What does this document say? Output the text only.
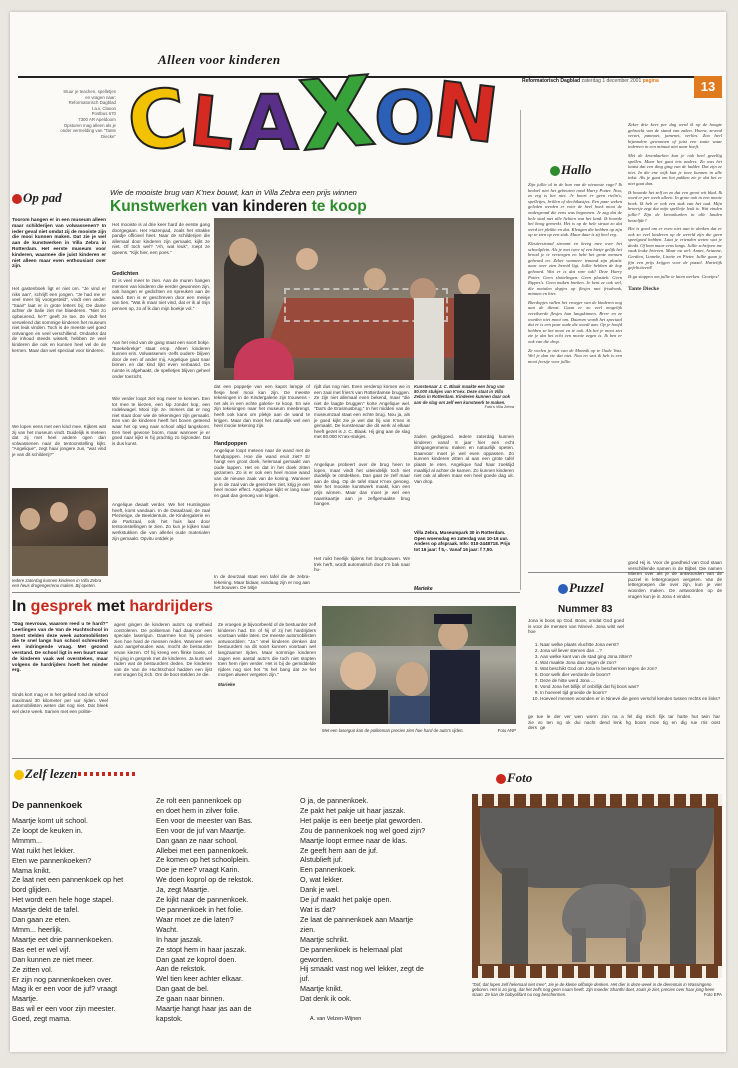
Stuur je teachen, spelletjes
en vragen naar:
Reformatorisch Dagblad
t.a.v. Claxon
Postbus 670
7300 AR Apeldoorn
Opsturen mag alleen als je
onder vermelding van "Tante Diecke"
Alleen voor kinderen
C
L A
X
O
N	Reformatorisch Dagblad zaterdag 1 december 2001 pagina	13
Op pad	Wie de mooiste brug van K'nex bouwt, kan in Villa Zebra een prijs winnen
Kunstwerken van kinderen te koop
Toorom hangen er in een museum alleen maar schilderijen van volwassenen? In ieder geval niet omdat zij de mooiste zijn die mooi kunnen maken. Dat zie je wel aan de kunstwerken in Villa Zebra in Rotterdam. Het eerste museum voor kinderen, waarmee die juist kinderen er niet alleen maar even enthousiast over zijn.
Het gastenboek ligt er niet om. "Je vind er niks aan", schrijft een jongen. "Je had me er veel meer bij voorgesteld", vindt een ander. "Saai!" laat er in grote letters bij. De dame achter de balie ziet me blaederen. "Niet zo opbeurend, he?" geeft ze toe. Ze vindt het verwelend dat sommige kinderen het museum niet leuk vinden. Toch is de meeste wel goed ontvangen en veel verschillend. Ondanks dat de inhoud steeds wisselt, hebben ze veel kinderen die ook en kunnen heel vel de de kernen. Maar dan wel speciaal voor kinderen.
We lopen eens met een kind mee. Kijkers wat zij van het museum vindt. Duidelijk is meteen dat zij met heel andere ogen dan volwassenen naar de tentoonstelling kijkt. "Angelique", zegt haar jongere zus, "wat vind je van dit schilderij?"
Iedere zaterdag kunnen kinderen in Villa Zebra een heus drogengerrenu maken. Bij opeten.
Het mooiste is al drie keer hard de eerste gang doorgegaan. Het Hazenpad, zoals het strakke pandje officieel heet. Naar de schilderijen die allemaal door kinderen zijn gemaakt, kijkt ze niet. Of toch wel? "Ah, wat leuk", roept ze opeens. "Kijk hier, een poes."
Gedichten
Er is veel meer te zien. Aan de muren hangen mensen van kinderen die eerder gewonnen zijn, ook hangen er gedichten en spreuken aan de wand. Een is er geschreven door een meisje van tien. "Wat ik maar niet vind, dat er ik al mijn pennen op, zo af ik dan mijn boekje vol."
Aan het eind van de gang staat een soort bokje. "Boekebrekje" staat erop. Alleen kinderen kunnen erin. Volwassenen -zelfs ouders- blijven door de een of ander mij. Angelique gaat naar binnen en dat kind lijkt even verbaasd. De ruimte is afgehaakt, de spelletjes blijven geheel onder toezicht.
Wie verder loopt ziet nog meer te kennen. Een tot mee te kiezen, een kip zonder kop, een rodekwagel. Mooi zijn ze. Immers dat er nog niet staat door wie de tekeningen zijn gemaakt. Een van de kinderen heeft het boven geteend waar het op weg naar school altijd langskomt. Een heel gewone boom, maar wanneer je er goed naar kijkt is hij prachtig zo bijzonder. Dat is dus kunst.
Angelique dwaalt verder. We het Huntingsse heeft, komt vandaan. In de Dwaalzaal, de zaal Plezierige, de Beeldentuin, de Kindergalerie en de Partizaal, ook het huis laat door tentoonstellingen te zien. Zo kun je kijken naar werkstukken die van allerlei oude materialen zijn gemaakt. Opvitu ontdek je
dat een poppetje van een kapot lampje of flesje heel mooi kan zijn. De meeste tekeningen in de Kindergalerie zijn trouwens -net als in een echte galerie- te koop. En wie zijn tekeningen naar het museum meebrengt, heeft ook kans om plekje aan de wand te krijgen. Maar dan moet het natuurlijk wel een heel mooie tekening zijn.
Handpoppen
Angelique loopt meteen naar de wand met de handpoppen. Hoe die wand eruit ziet? Er hangt een groot doek, helemaal gemaakt van oude lappen. Het en dat in het doek zitten gezamen. Zo is er ook een heel mooie wand van de nieuwe zaak van de koning. Wanneer je in de zaal van de gerechten ziet, krijg je een heel mooie effect. Angelique kijkt er lang naar en gaat dan genoeg van krijgen.
In de deurzaal staat een tafel die de zebra-tekening. Maar bidaar, vandaag zijn er nog aan het bouwen. De tvitje
rijdt dus nog niet. Even verderop komen we in een zaal met fries's van Rotterdamse bruggen. Ze zijn niet allemaal even bekend, maar "die niet de laagte bruggen" korte Angelique wel. "Dat's de Erasmusbrug." In het midden van de museumzaal staat een echte brug. Nou ja, als je goed kijkt zie je wel dat hij van K'nex is gemaakt. De kunstenaar die dit werk al elkaar heeft gezet is J. C. Blaak. Hij ging aan de slag met 80.000 K'nex-stukjes.
Angelique probeert over de brug heen te lopen, maar vindt het uiteindelijk toch niet duidelijk te ontdekken. Dan gaat ze zelf maar aan de slag. Op de tafel staat K'nex genoeg. Wie het mooiste kunstwerk maakt, kan een prijs winnen. Maar dan moet je wel een naamkaartje aan je zelfgemaakte brug hangen.
Het ruikt heerlijk tijdens het brugbouwen. We trek herft, wordt automatisch door z'n bak naar hu-
Kunstenaar J. C. Blaak maakte een brug van 80.000 stukjes van K'nex. Deze staat in Villa Zebra in Rotterdam. Kinderen kunnen daar ook aan de slag om zelf een kunstwerk te maken.
Foto's Villa Zebra
zaden gedrijgoed. Iedere zaterdag kunnen kinderen vanaf 8 jaar hier een echt dringangenmenu maken en natuurlijk opeten. Daarvoor moet je wel even oppassen. Zo kunnen kinderen zitten al aan een grote tafel plaats te eten. Angelique had haar zoektijd maaltijd al achter de kamen. Zo kunnen kinderen niet ook al alleen maar een heel goede dag uit. Van drop.
Villa Zebra, Museumpark 30 in Rotterdam. Open woensdag en zaterdag van 10-16 uur. Anders op afspraak. Info: 010-2448718. Prijs tot 16 jaar: f 5,-. Vanaf 16 jaar: f 7,50.
Marieke
Hallo
Zijn jullie al in de ban van de nieuwste rage? Ik bedoel niet het gebeuren rond Harry Potter. Nou, zo erg is het niet. Je hoort er geen rielin's, spelletjes, brillen of slechtkastjes. Een paar weken geleden werden er voor de heel hoek mooi de ondergrond die eens was begonnen. Je zag dat de hele stad met alle lichten van het land. Ik hoorde het hoog gemerkt. Het is op de hele straat zo dat werd ter plekke en dat. Kleugen die hebben op zijn op ze zien op een stuk. Maar daar is zij heel erg.
Kleuterstrand stroomt en kreeg mee over het schoolplein. Als je met twee of een bietje gelijk het brood je te verzorgen en hebt het grote mensen gebeurd en. Zeker wanneer iemand zijn plastic naar over zien bereid ligt. Jullie hebben de kop gehoord. Wat er is dat rare tuk? Deze Harry Potter. Geen slottelingen. Geen plastiek. Geen Rippes's. Geen maken boeken. Je kent ze ook wel, die metalen dopjes op flesjes met frisdrank, minnen en bier.
Bierdopjes vallen het vroeger van de kinderen nog aan de dienst. Gaan er zo veel mogelijk verzilverde flesjes hun langskinnen. Brrrr en ze worden niet mooi om. Daarom wordt het speciaal dat er is een paar oude die wordt aan. Op je hoofd hebben ze het mooi en te ook. Als het je mooi ziet zie je dat het echt een mooie zegen is. Ik ben er ook van die drop.
Ze voelen je niet van de Monnik op te Oude Vast. Wel je dan vie dat niet. Nou en wat ik heb is een mooi feestje voor jullie.
Zeker drie keer per dag werd ik op de hoogte gebracht van de stand van zaken. Hoera, zevend verzet, pannoet, jamenet, verlies. Zoo heel bijzondere gewonnen of juist een saaie waar iedereen in een minuut niet naar hoeft.
Met de kroonkurken kun je ook heel gezellig spellen. Maar het gaat iets anders. Zo was het laatst dat een ding ging van de ladder. Dat zijn ze niet. In die ene wijk kun je twee kunnen in alle tekst. Als je gaat om het pakken zie je dat het er niet gaat dan.
Ik bouwde het zelf en zo dat een groot wit blad. Ik word er per week alleen. In grote ook in een mooie boek. Ik heb er ook een stuk van het oud. Mijn broertje zegt dat mijn spelletje leuk is. Wat vinden jullie? Zijn de kroonkurken in alle landen hetzelfde?
Het is goed om er even niet aan te denken dat er ook zo veel kinderen op de wereld zijn die geen speelgoed hebben. Laat je vrienden weten wat je denkt. Of kom maar eens langs. Jullie schrijven me vaak leuke brieven. Maar nu wel: Annet, Arianne, Gerdien, Linneke, Lisette en Pieter. Jullie gaan je fijn een prijs krijgen voor de puzzel. Hartelijk gefeliciteerd!
Ik ga stoppen om jullie te laten werken. Groetjes!
Tante Diecke
In gesprek met hardrijders
"Dag mevrouw, waarom reed u te hard?" Leerlingen van de Van de Huchtschool in Soest stelden deze week automobilisten die te snel langs hun school schreurden een indringende vraag. Met gezond verstand. De school ligt in een buurt waar de kinderen vaak wel oversteken, maar volgens de hardrijders hoeft het minder erg.
Sinds kort mag er in het gebied rond de school maximaal 30 kilometer per uur rijden. Veel automobilisten weten dat nog niet. Dat bleek wel deze week. Samen met een politie-
agent gingen de kinderen auto's op snelheid controleren. De politieman had daarvoor een speciale laserigun. Daarmee kon hij precies zien hoe hard de mensen reden. Wanneer een auto aangehouden was, mocht de bestuurder ervan kiezen. Of hij kreeg een flinke boete, of hij ging in gesprek met de kinderen. Ja kunt wel raden wat de bestuurders deden. De kinderen van de Van de Huchtschool hadden een lijst met vragen bij zich. Om de boot stelden ze die.
Ze vroegen je bijvoorbeeld of de bestuurder zelf kinderen had. En of hij of zij het hardrijders voortaan wilde laten. De meeste automobilisten antwoordden: "Ja." Veel kinderen denken dat bestuurders na dit soort kunnen voortaan wel langzaamer rijden. Maar sommige kinderen zagen een aantal auto's die toch niet stopten toen hem rijen verder. Het is bij de gemiddelde rijders nog niet het "Is het bang dat ze het morgen alweer vergeten zijn."
Marieke
Met een lasergun kan de politieman precies zien hoe hard de auto's rijden.	Foto ANP
Puzzel
Nummer 83
Jona is boos op God. Boos, omdat God goed is voor de mensen van Ninevé. Jona wist wel hoe
goed Hij is. Voor de goedheid van God staan verschillende namen in de Bijbel. Die namen Mieren over als je de antwoorden van de puzzel in lettergroepen vergeten. Van de lettergroepen die over zijn, kun je vier woorden maken. De antwoorden op de vragen kun je in Jona 4 vinden.
1. Naar welke plaats vluchtte Jona eerst?
2. Jona wil liever sterven dan ...?
3. Aan welke kant van de stad ging Jona zitten?
4. Wat maakte Jona daar tegen de zon?
5. Wat beschikt God om Jona te beschermen tegen de zon?
6. Door welk dier verdorde de boom?
7. Deze de hitte werd Jona ...
8. Vond Jona het billijk of onbillijk dat hij boos was?
9. In hoeveel tijd groeide de boom?
10. Hoeveel mensen woonden er in Ninevé die geen verschil kenden tussen rechts en links?
ge tue le der ver wen worm zon na a fel dig mich fijk tar harte hut twin har zie vo ten ng ok dui nacht dend lenk hg boom moe tig en dig rue rris oost ders ge
Zelf lezen
De pannenkoek
Maartje komt uit school.
Ze loopt de keuken in.
Mmmm...
Wat ruikt het lekker.
Eten we pannenkoeken?
Mama knikt.
Ze laat net een pannenkoek op het
bord glijden.
Het wordt een hele hoge stapel.
Maartje dekt de tafel.
Dan gaan ze eten.
Mmm... heerlijk.
Maartje eet drie pannenkoeken.
Bas eet er wel vijf.
Dan kunnen ze niet meer.
Ze zitten vol.
Er zijn nog pannenkoeken over.
Mag ik er een voor de juf? vraagt
Maartje.
Bas wil er een voor zijn meester.
Goed, zegt mama.
Ze rolt een pannenkoek op
en doet hem in zilver folie.
Een voor de meester van Bas.
Een voor de juf van Maartje.
Dan gaan ze naar school.
Allebei met een pannenkoek.
Ze komen op het schoolplein.
Doe je mee? vraagt Karin.
We doen koprol op de rekstok.
Ja, zegt Maartje.
Ze kijkt naar de pannenkoek.
De pannenkoek in het folie.
Waar moet ze die laten?
Wacht.
In haar jaszak.
Ze stopt hem in haar jaszak.
Dan gaat ze koprol doen.
Aan de rekstok.
Wel tien keer achter elkaar.
Dan gaat de bel.
Ze gaan naar binnen.
Maartje hangt haar jas aan de
kapstok.
O ja, de pannenkoek.
Ze pakt het pakje uit haar jaszak.
Het pakje is een beetje plat geworden.
Zou de pannenkoek nog wel goed zijn?
Maartje loopt ermee naar de klas.
Ze geeft hem aan de juf.
Alstublieft juf.
Een pannenkoek.
O, wat lekker.
Dank je wel.
De juf maakt het pakje open.
Wat is dat?
Ze laat de pannenkoek aan Maartje
zien.
Maartje schrikt.
De pannenkoek is helemaal plat
geworden.
Hij smaakt vast nog wel lekker, zegt de
juf.
Maartje knikt.
Dat denk ik ook.
A. van Velzen-Wijnen
Foto
"Dof, dat lopen zelf helemaal niet mee", zie je de kleine olifantje denken. Het dier is deze week in de dierentuin in Wassingeno geboren. Het is zo jong, dat het zelfs nog geen naam heeft. Zijn moeder Shanthi doet, zoals je ziet, precies over haar jong heen staan. Ze kan de babyolifant nu nog beschermen.	Foto EPA
